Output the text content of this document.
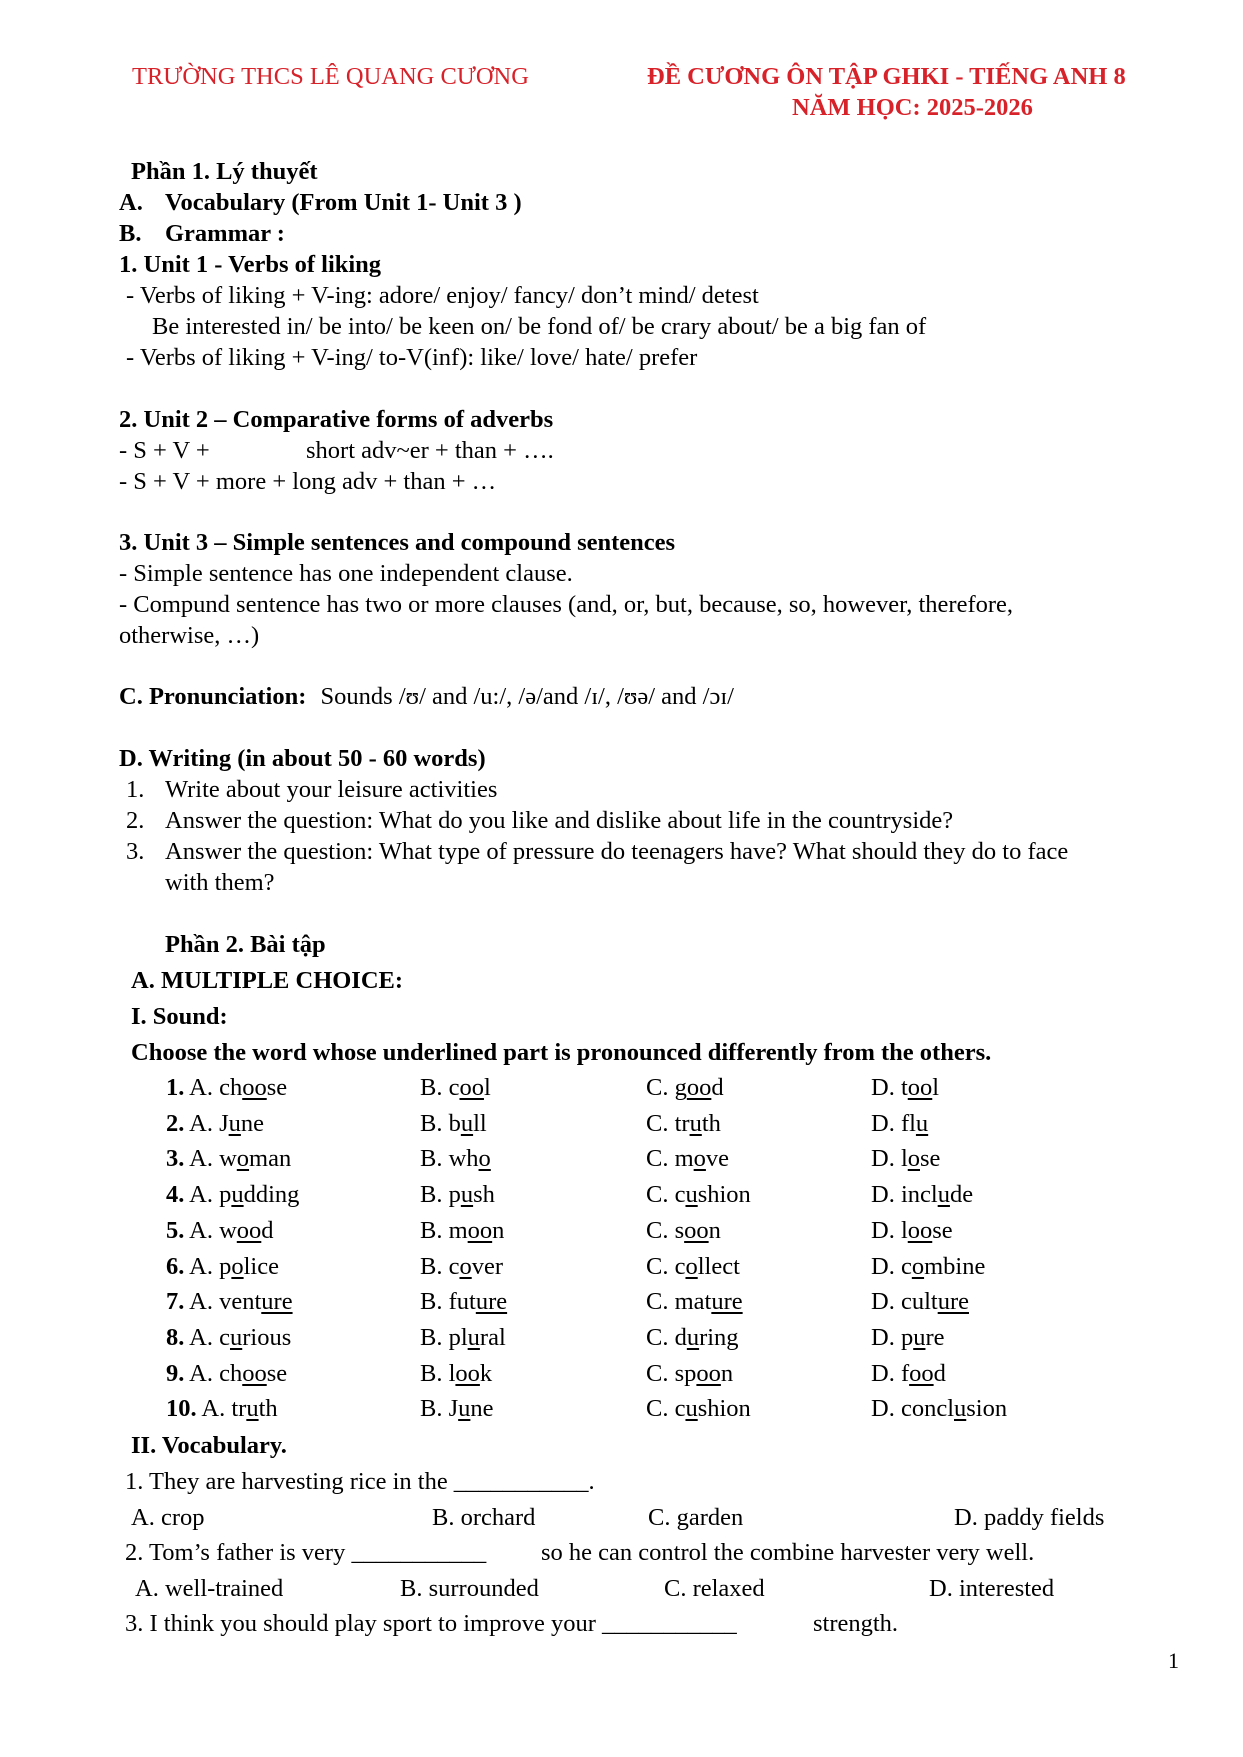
TRƯỜNG THCS LÊ QUANG CƯƠNG	ĐỀ CƯƠNG ÔN TẬP GHKI - TIẾNG ANH 8
NĂM HỌC: 2025-2026
Phần 1. Lý thuyết
A. Vocabulary (From Unit 1- Unit 3 )
B. Grammar :
1. Unit 1 - Verbs of liking
- Verbs of liking + V-ing: adore/ enjoy/ fancy/ don’t mind/ detest
Be interested in/ be into/ be keen on/ be fond of/ be crary about/ be a big fan of
- Verbs of liking + V-ing/ to-V(inf): like/ love/ hate/ prefer
2. Unit 2 – Comparative forms of adverbs
- S + V +	short adv~er + than + ….
- S + V + more + long adv + than + …
3. Unit 3 – Simple sentences and compound sentences
- Simple sentence has one independent clause.
- Compund sentence has two or more clauses (and, or, but, because, so, however, therefore,
otherwise, …)
C. Pronunciation: Sounds /ʊ/ and /u:/, /ə/and /ɪ/, /ʊə/ and /ɔɪ/
D. Writing (in about 50 - 60 words)
1. Write about your leisure activities
2. Answer the question: What do you like and dislike about life in the countryside?
3. Answer the question: What type of pressure do teenagers have? What should they do to face
with them?
Phần 2. Bài tập
A. MULTIPLE CHOICE:
I. Sound:
Choose the word whose underlined part is pronounced differently from the others.
1. A. choose	B. cool	C. good	D. tool
2. A. June	B. bull	C. truth	D. flu
3. A. woman	B. who	C. move	D. lose
4. A. pudding	B. push	C. cushion	D. include
5. A. wood	B. moon	C. soon	D. loose
6. A. police	B. cover	C. collect	D. combine
7. A. venture	B. future	C. mature	D. culture
8. A. curious	B. plural	C. during	D. pure
9. A. choose	B. look	C. spoon	D. food
10. A. truth	B. June	C. cushion	D. conclusion
II. Vocabulary.
1. They are harvesting rice in the ___________.
A. crop	B. orchard	C. garden	D. paddy fields
2. Tom’s father is very ___________ so he can control the combine harvester very well.
A. well-trained	B. surrounded	C. relaxed	D. interested
3. I think you should play sport to improve your ___________	strength.
1
